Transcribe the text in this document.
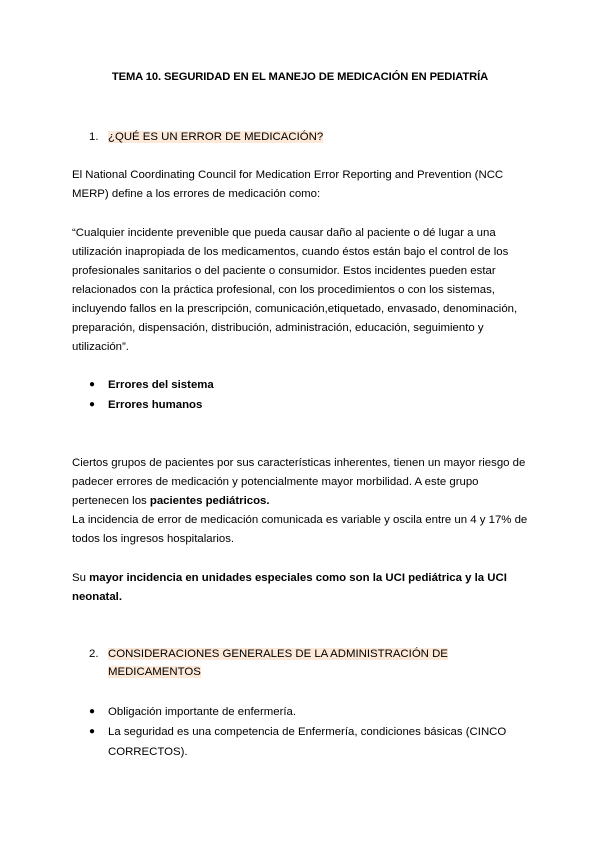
TEMA 10. SEGURIDAD EN EL MANEJO DE MEDICACIÓN EN PEDIATRÍA
1. ¿QUÉ ES UN ERROR DE MEDICACIÓN?
El National Coordinating Council for Medication Error Reporting and Prevention (NCC MERP) define a los errores de medicación como:
“Cualquier incidente prevenible que pueda causar daño al paciente o dé lugar a una utilización inapropiada de los medicamentos, cuando éstos están bajo el control de los profesionales sanitarios o del paciente o consumidor. Estos incidentes pueden estar relacionados con la práctica profesional, con los procedimientos o con los sistemas, incluyendo fallos en la prescripción, comunicación,etiquetado, envasado, denominación, preparación, dispensación, distribución, administración, educación, seguimiento y utilización”.
● Errores del sistema
● Errores humanos
Ciertos grupos de pacientes por sus características inherentes, tienen un mayor riesgo de padecer errores de medicación y potencialmente mayor morbilidad. A este grupo pertenecen los pacientes pediátricos.
La incidencia de error de medicación comunicada es variable y oscila entre un 4 y 17% de todos los ingresos hospitalarios.
Su mayor incidencia en unidades especiales como son la UCI pediátrica y la UCI neonatal.
2. CONSIDERACIONES GENERALES DE LA ADMINISTRACIÓN DE
MEDICAMENTOS
● Obligación importante de enfermería.
● La seguridad es una competencia de Enfermería, condiciones básicas (CINCO CORRECTOS).
